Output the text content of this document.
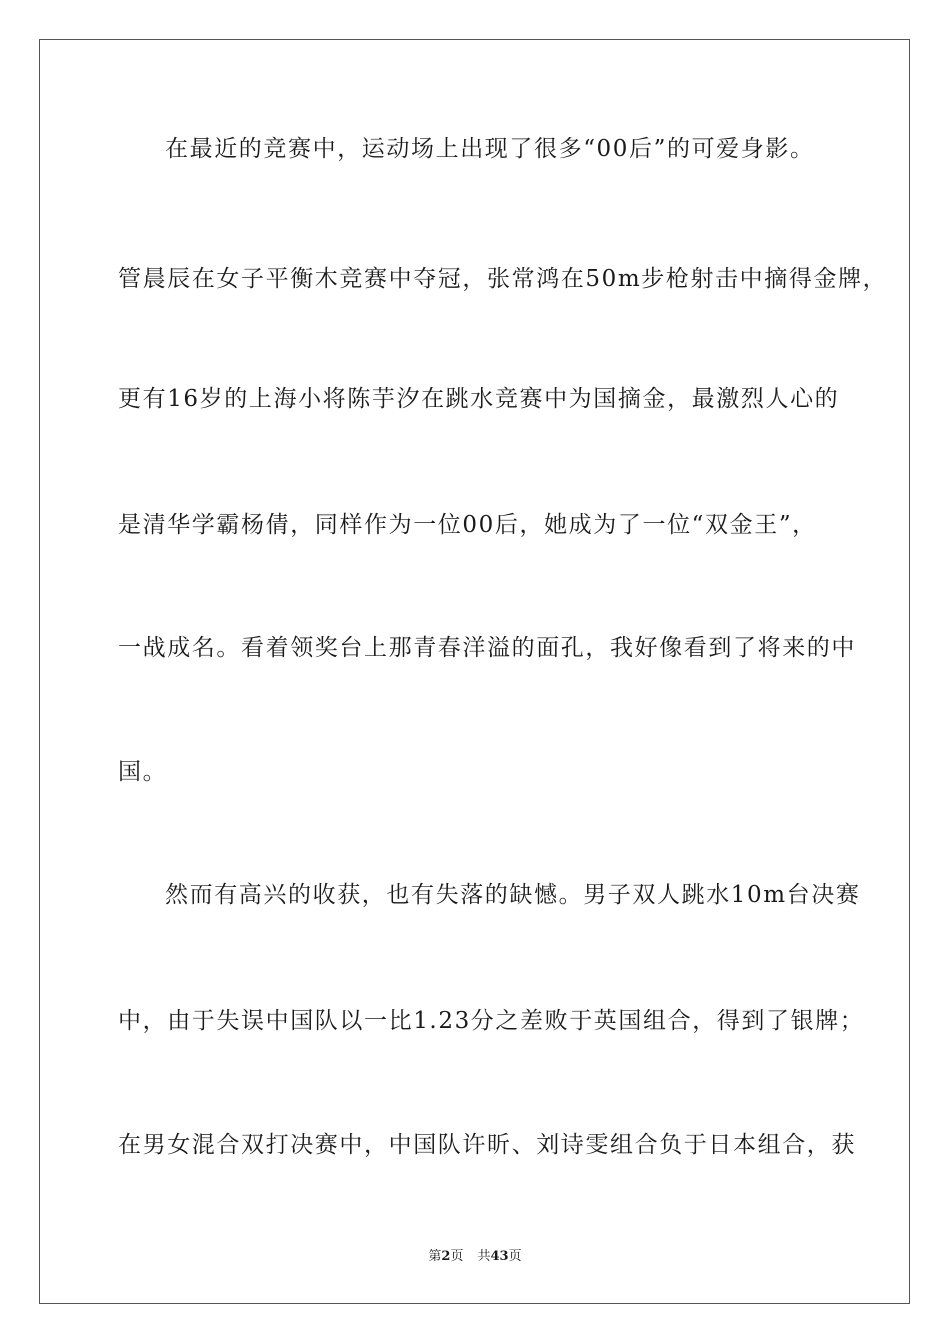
在最近的竞赛中，运动场上出现了很多“00后”的可爱身影。
管晨辰在女子平衡木竞赛中夺冠，张常鸿在50m步枪射击中摘得金牌，
更有16岁的上海小将陈芋汐在跳水竞赛中为国摘金，最激烈人心的
是清华学霸杨倩，同样作为一位00后，她成为了一位“双金王”，
一战成名。看着领奖台上那青春洋溢的面孔，我好像看到了将来的中
国。
然而有高兴的收获，也有失落的缺憾。男子双人跳水10m台决赛
中，由于失误中国队以一比1.23分之差败于英国组合，得到了银牌；
在男女混合双打决赛中，中国队许昕、刘诗雯组合负于日本组合，获
第2页 共43页
